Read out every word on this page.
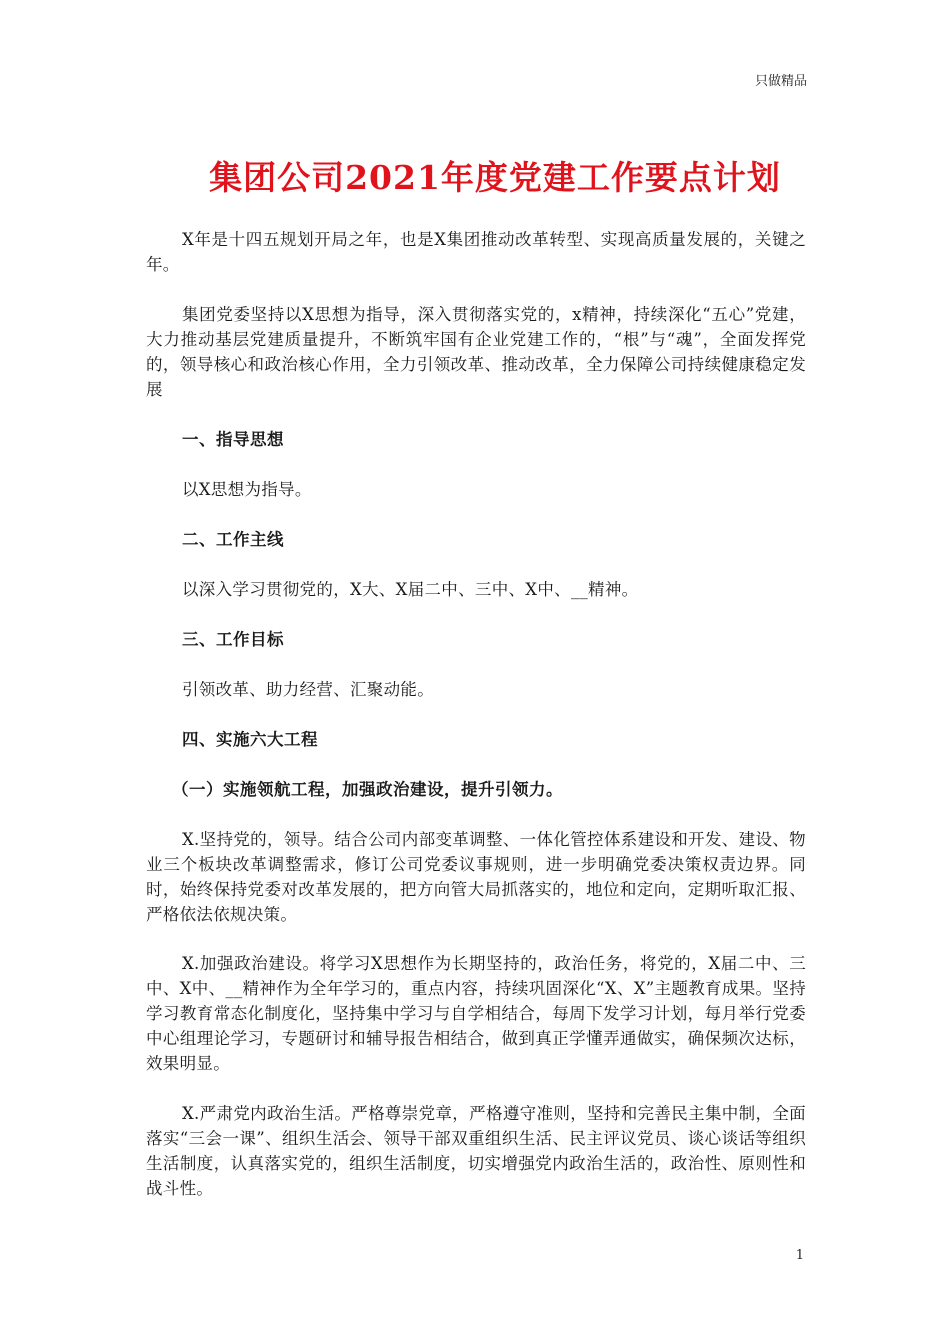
只做精品
集团公司2021年度党建工作要点计划
X年是十四五规划开局之年，也是X集团推动改革转型、实现高质量发展的，关键之年。
集团党委坚持以X思想为指导，深入贯彻落实党的，x精神，持续深化“五心”党建，大力推动基层党建质量提升，不断筑牢国有企业党建工作的，“根”与“魂”，全面发挥党的，领导核心和政治核心作用，全力引领改革、推动改革，全力保障公司持续健康稳定发展
一、指导思想
以X思想为指导。
二、工作主线
以深入学习贯彻党的，X大、X届二中、三中、X中、__精神。
三、工作目标
引领改革、助力经营、汇聚动能。
四、实施六大工程
（一）实施领航工程，加强政治建设，提升引领力。
X.坚持党的，领导。结合公司内部变革调整、一体化管控体系建设和开发、建设、物业三个板块改革调整需求，修订公司党委议事规则，进一步明确党委决策权责边界。同时，始终保持党委对改革发展的，把方向管大局抓落实的，地位和定向，定期听取汇报、严格依法依规决策。
X.加强政治建设。将学习X思想作为长期坚持的，政治任务，将党的，X届二中、三中、X中、__精神作为全年学习的，重点内容，持续巩固深化“X、X”主题教育成果。坚持学习教育常态化制度化，坚持集中学习与自学相结合，每周下发学习计划，每月举行党委中心组理论学习，专题研讨和辅导报告相结合，做到真正学懂弄通做实，确保频次达标，效果明显。
X.严肃党内政治生活。严格尊崇党章，严格遵守准则，坚持和完善民主集中制，全面落实“三会一课”、组织生活会、领导干部双重组织生活、民主评议党员、谈心谈话等组织生活制度，认真落实党的，组织生活制度，切实增强党内政治生活的，政治性、原则性和战斗性。
1
